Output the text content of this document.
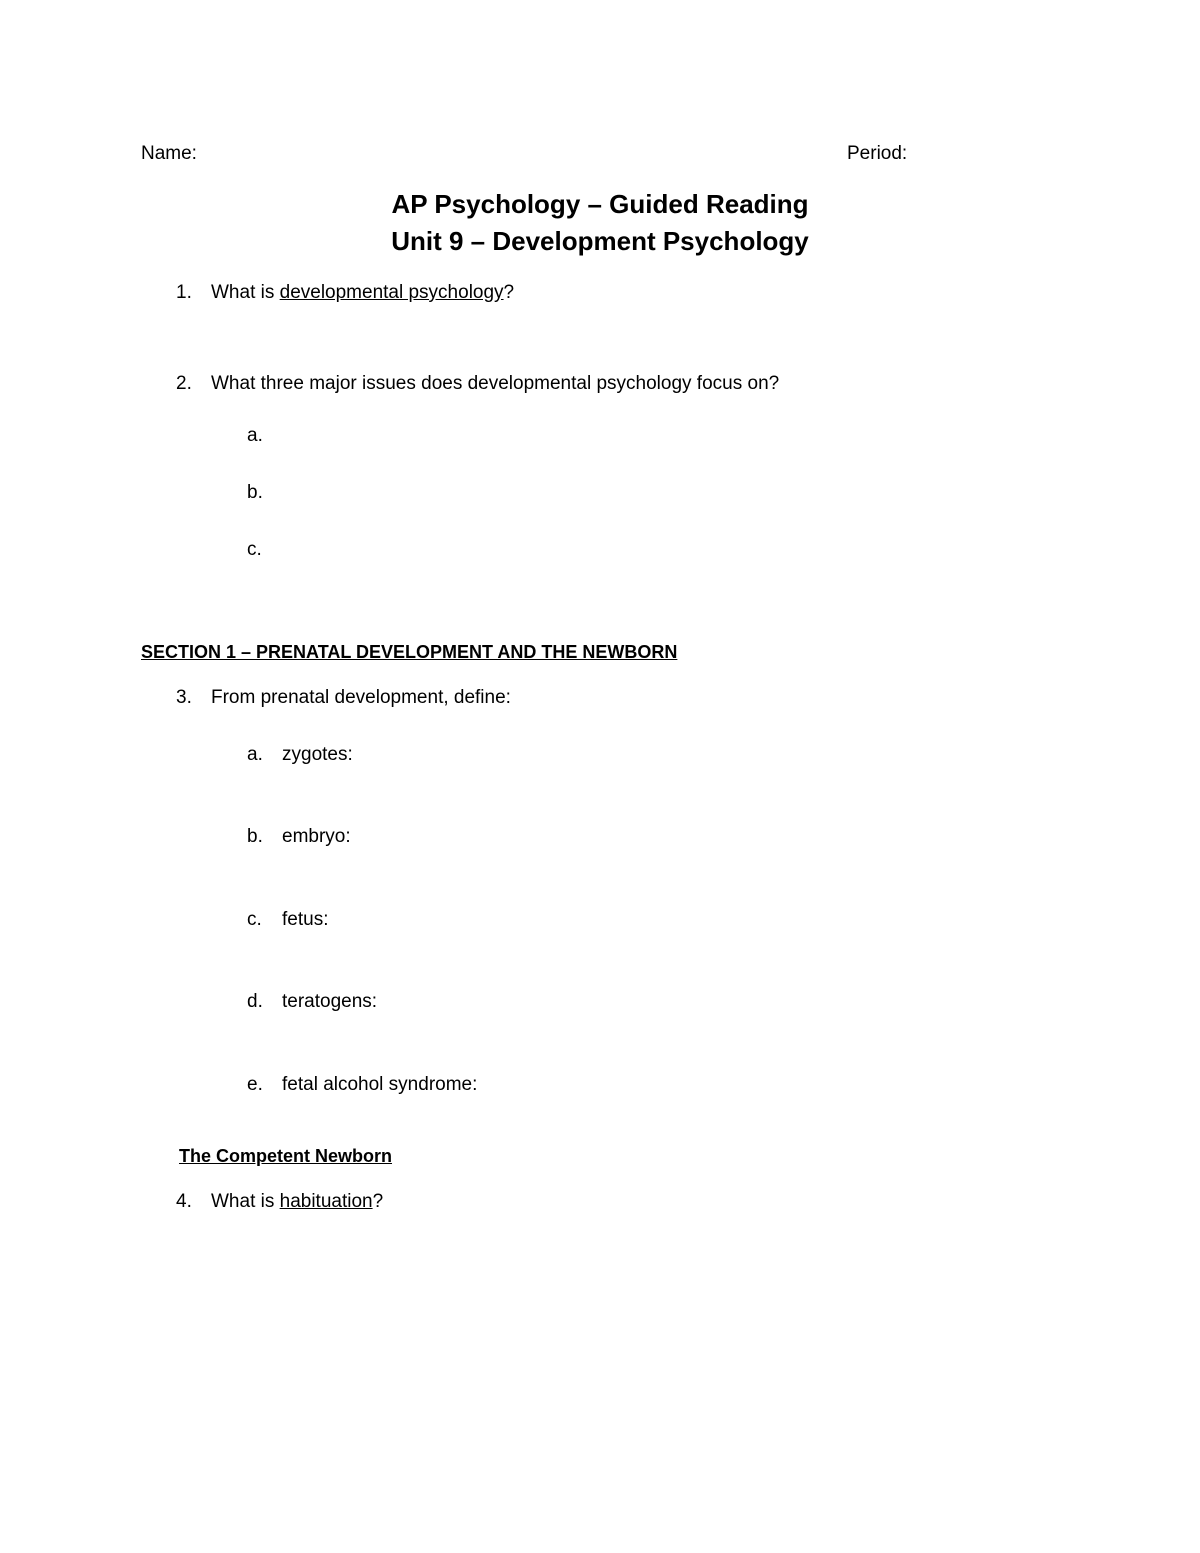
Name:	Period:
AP Psychology – Guided Reading
Unit 9 – Development Psychology
1. What is developmental psychology?
2. What three major issues does developmental psychology focus on?
a.
b.
c.
SECTION 1 – PRENATAL DEVELOPMENT AND THE NEWBORN
3. From prenatal development, define:
a. zygotes:
b. embryo:
c. fetus:
d. teratogens:
e. fetal alcohol syndrome:
The Competent Newborn
4. What is habituation?
